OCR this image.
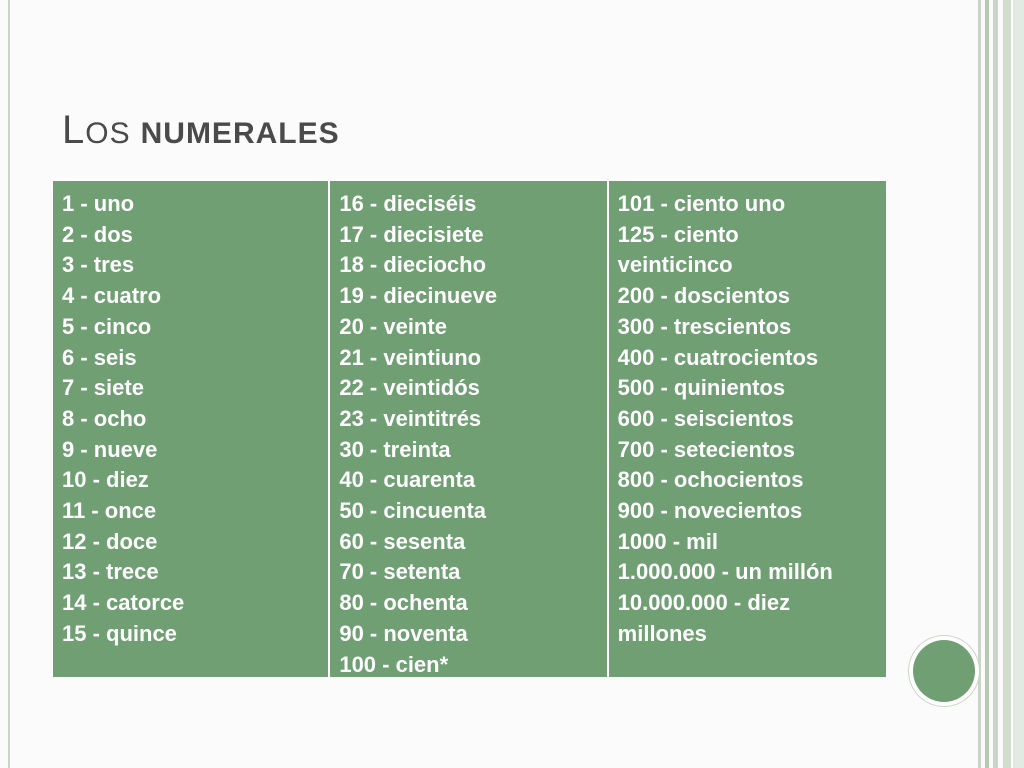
LOS NUMERALES
1 - uno
2 - dos
3 - tres
4 - cuatro
5 - cinco
6 - seis
7 - siete
8 - ocho
9 - nueve
10 - diez
11 - once
12 - doce
13 - trece
14 - catorce
15 - quince
16 - dieciséis
17 - diecisiete
18 - dieciocho
19 - diecinueve
20 - veinte
21 - veintiuno
22 - veintidós
23 - veintitrés
30 - treinta
40 - cuarenta
50 - cincuenta
60 - sesenta
70 - setenta
80 - ochenta
90 - noventa
100 - cien*
101 - ciento uno
125 - ciento
veinticinco
200 - doscientos
300 - trescientos
400 - cuatrocientos
500 - quinientos
600 - seiscientos
700 - setecientos
800 - ochocientos
900 - novecientos
1000 - mil
1.000.000 - un millón
10.000.000 - diez
millones
